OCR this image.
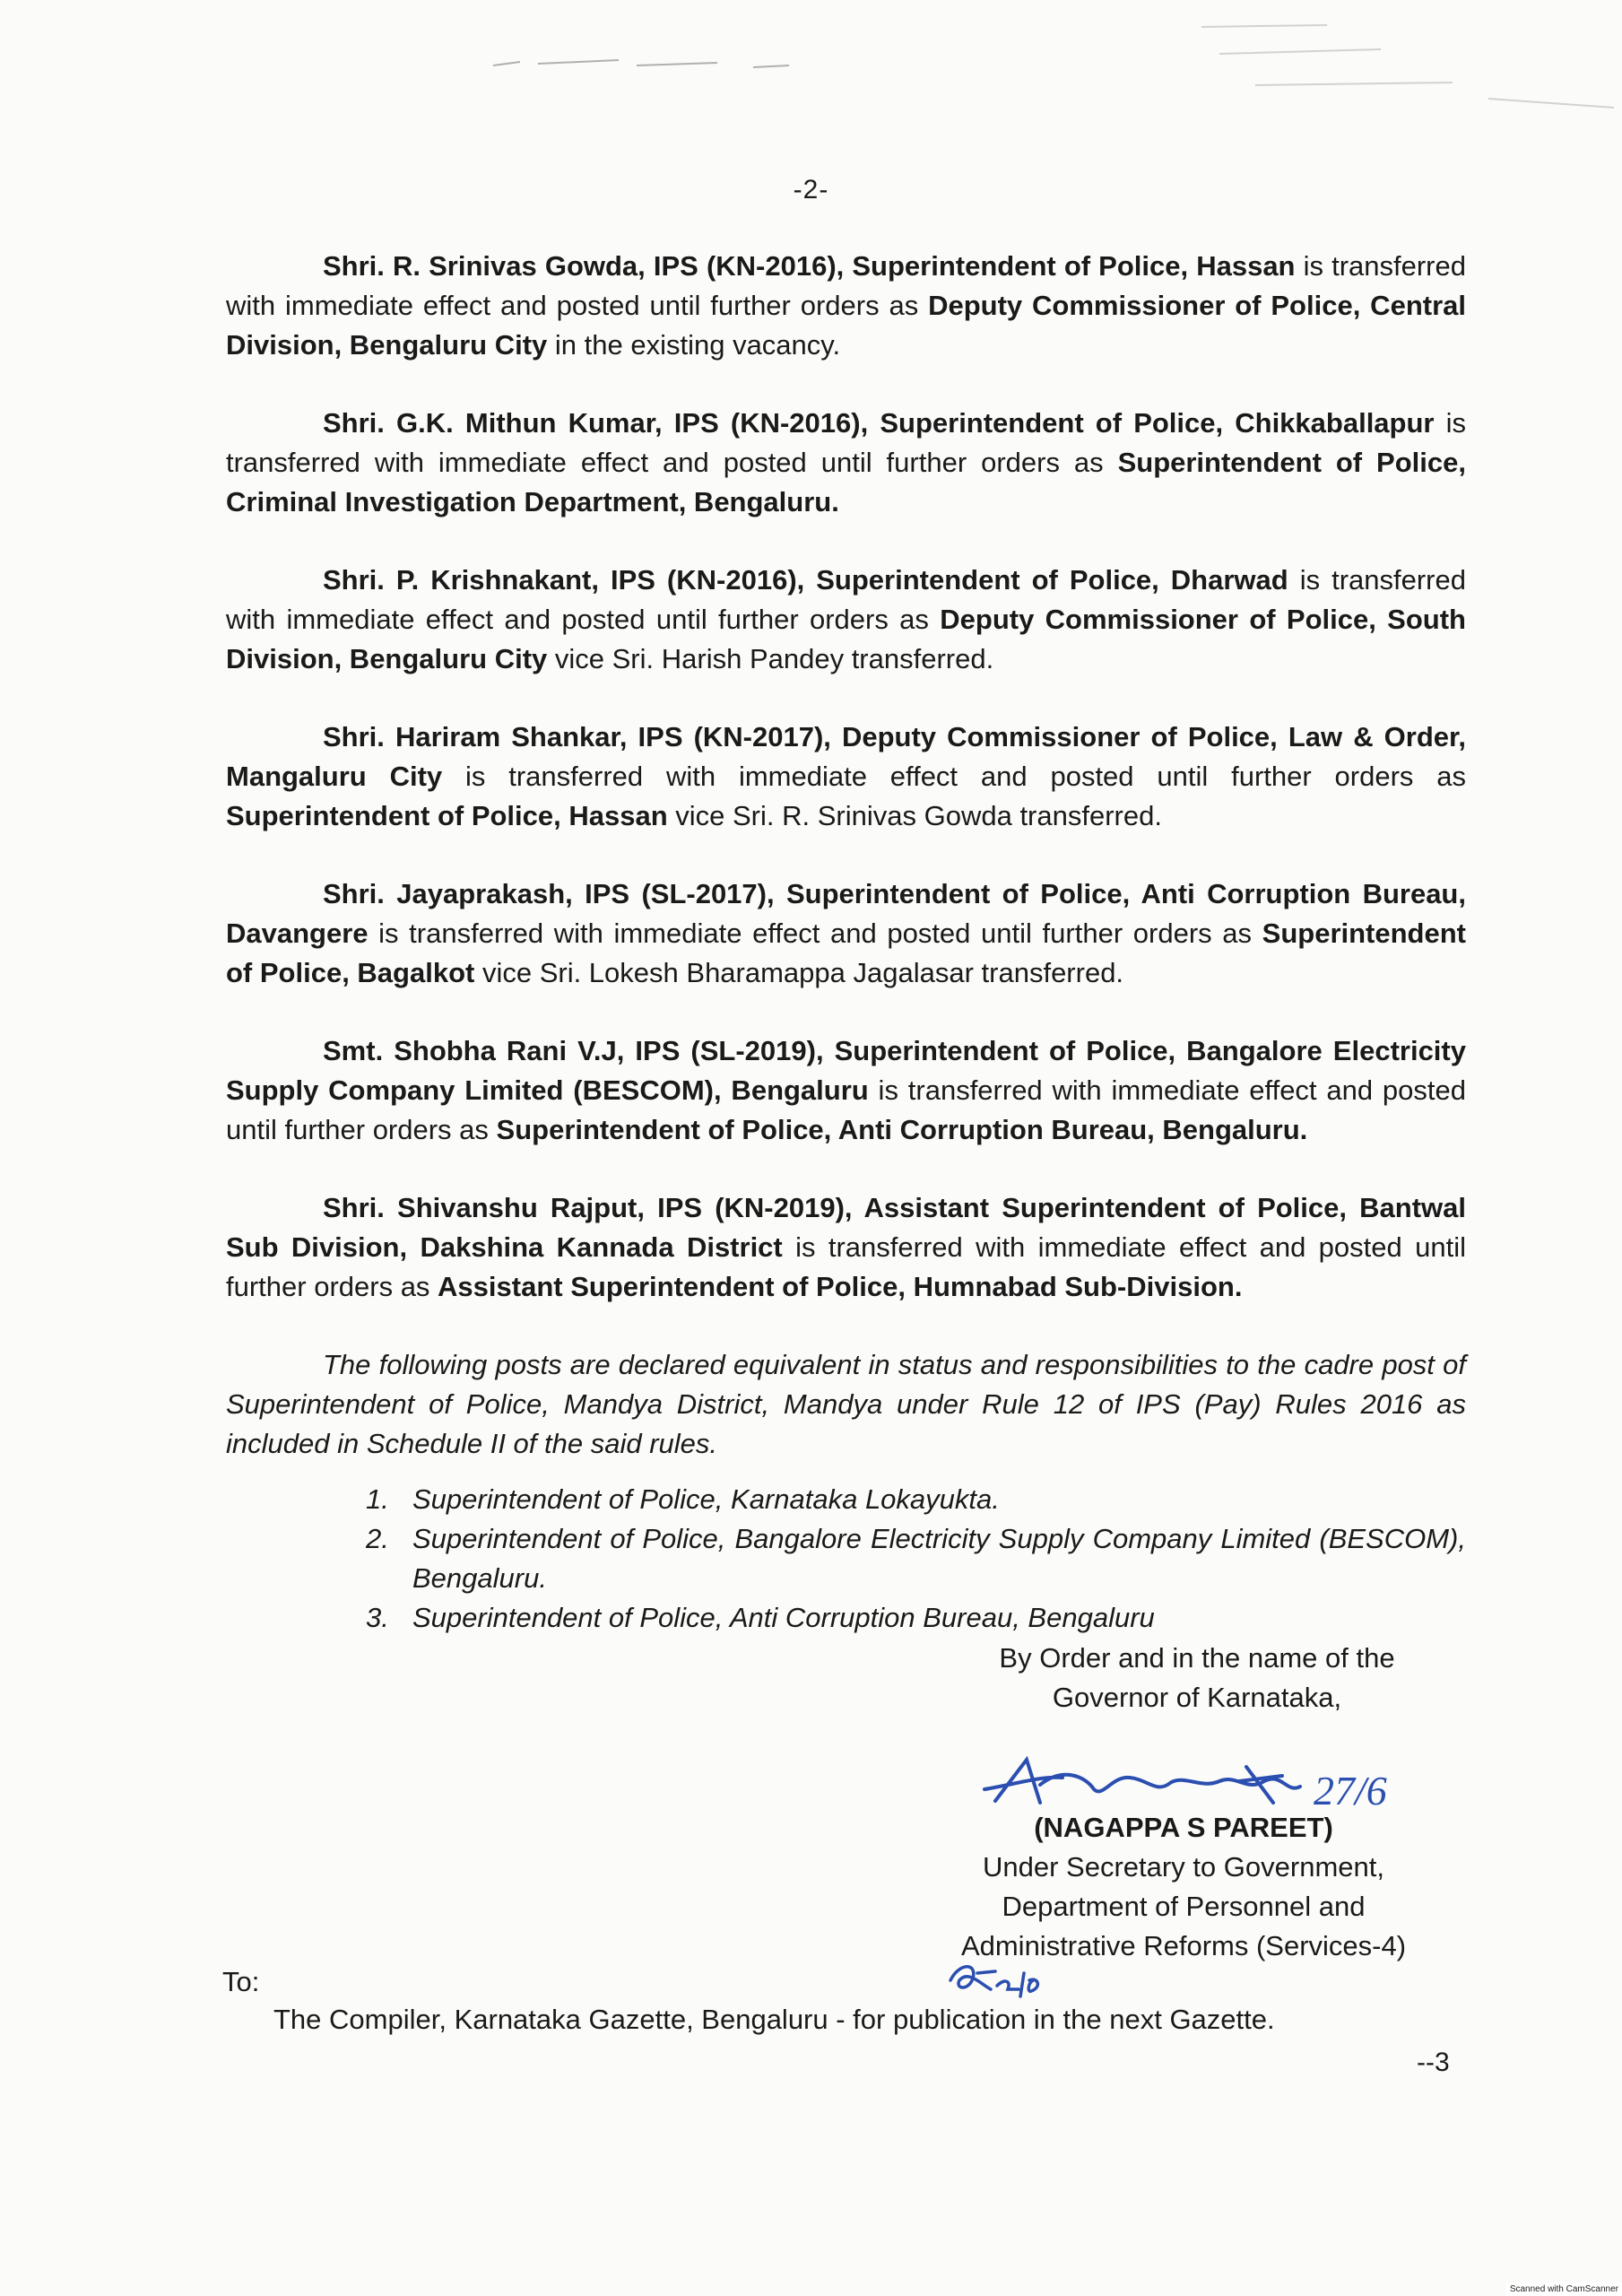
-2-

Shri. R. Srinivas Gowda, IPS (KN-2016), Superintendent of Police, Hassan is transferred with immediate effect and posted until further orders as Deputy Commissioner of Police, Central Division, Bengaluru City in the existing vacancy.

Shri. G.K. Mithun Kumar, IPS (KN-2016), Superintendent of Police, Chikkaballapur is transferred with immediate effect and posted until further orders as Superintendent of Police, Criminal Investigation Department, Bengaluru.

Shri. P. Krishnakant, IPS (KN-2016), Superintendent of Police, Dharwad is transferred with immediate effect and posted until further orders as Deputy Commissioner of Police, South Division, Bengaluru City vice Sri. Harish Pandey transferred.

Shri. Hariram Shankar, IPS (KN-2017), Deputy Commissioner of Police, Law & Order, Mangaluru City is transferred with immediate effect and posted until further orders as Superintendent of Police, Hassan vice Sri. R. Srinivas Gowda transferred.

Shri. Jayaprakash, IPS (SL-2017), Superintendent of Police, Anti Corruption Bureau, Davangere is transferred with immediate effect and posted until further orders as Superintendent of Police, Bagalkot vice Sri. Lokesh Bharamappa Jagalasar transferred.

Smt. Shobha Rani V.J, IPS (SL-2019), Superintendent of Police, Bangalore Electricity Supply Company Limited (BESCOM), Bengaluru is transferred with immediate effect and posted until further orders as Superintendent of Police, Anti Corruption Bureau, Bengaluru.

Shri. Shivanshu Rajput, IPS (KN-2019), Assistant Superintendent of Police, Bantwal Sub Division, Dakshina Kannada District is transferred with immediate effect and posted until further orders as Assistant Superintendent of Police, Humnabad Sub-Division.

The following posts are declared equivalent in status and responsibilities to the cadre post of Superintendent of Police, Mandya District, Mandya under Rule 12 of IPS (Pay) Rules 2016 as included in Schedule II of the said rules.

1. Superintendent of Police, Karnataka Lokayukta.
2. Superintendent of Police, Bangalore Electricity Supply Company Limited (BESCOM), Bengaluru.
3. Superintendent of Police, Anti Corruption Bureau, Bengaluru
By Order and in the name of the
Governor of Karnataka,
27/6
(NAGAPPA S PAREET)
Under Secretary to Government,
Department of Personnel and
Administrative Reforms (Services-4)
To:
The Compiler, Karnataka Gazette, Bengaluru - for publication in the next Gazette.
--3
Scanned with CamScanner
